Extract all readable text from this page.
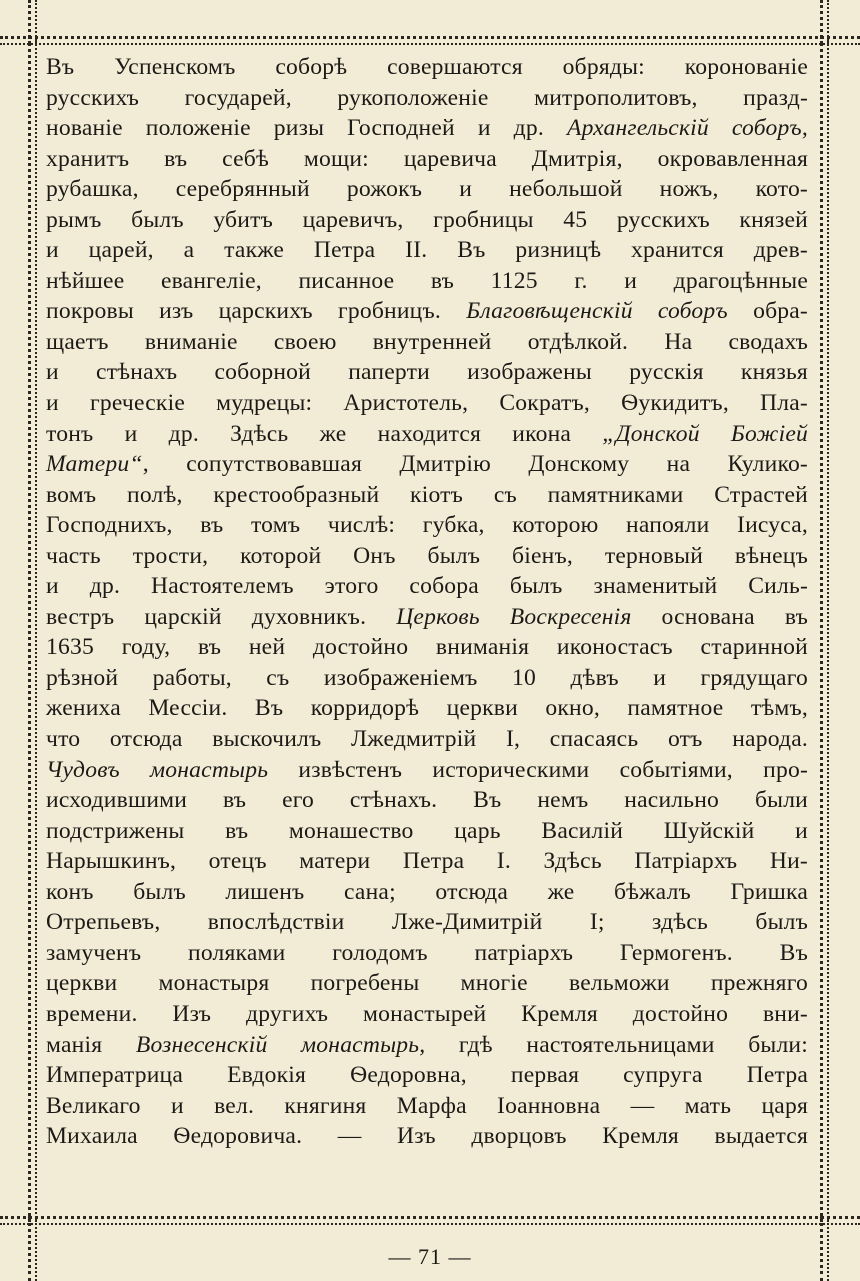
Въ Успенскомъ соборѣ совершаются обряды: коронованіе
русскихъ государей, рукоположеніе митрополитовъ, празд-
нованіе положеніе ризы Господней и др. Архангельскій соборъ,
хранитъ въ себѣ мощи: царевича Дмитрія, окровавленная
рубашка, серебрянный рожокъ и небольшой ножъ, кото-
рымъ былъ убитъ царевичъ, гробницы 45 русскихъ князей
и царей, а также Петра II. Въ ризницѣ хранится древ-
нѣйшее евангеліе, писанное въ 1125 г. и драгоцѣнные
покровы изъ царскихъ гробницъ. Благовѣщенскій соборъ обра-
щаетъ вниманіе своею внутренней отдѣлкой. На сводахъ
и стѣнахъ соборной паперти изображены русскія князья
и греческіе мудрецы: Аристотель, Сократъ, Ѳукидитъ, Пла-
тонъ и др. Здѣсь же находится икона „Донской Божіей
Матери“, сопутствовавшая Дмитрію Донскому на Кулико-
вомъ полѣ, крестообразный кіотъ съ памятниками Страстей
Господнихъ, въ томъ числѣ: губка, которою напояли Іисуса,
часть трости, которой Онъ былъ біенъ, терновый вѣнецъ
и др. Настоятелемъ этого собора былъ знаменитый Силь-
вестръ царскій духовникъ. Церковь Воскресенія основана въ
1635 году, въ ней достойно вниманія иконостасъ старинной
рѣзной работы, съ изображеніемъ 10 дѣвъ и грядущаго
жениха Мессіи. Въ корридорѣ церкви окно, памятное тѣмъ,
что отсюда выскочилъ Лжедмитрій I, спасаясь отъ народа.
Чудовъ монастырь извѣстенъ историческими событіями, про-
исходившими въ его стѣнахъ. Въ немъ насильно были
подстрижены въ монашество царь Василій Шуйскій и
Нарышкинъ, отецъ матери Петра I. Здѣсь Патріархъ Ни-
конъ былъ лишенъ сана; отсюда же бѣжалъ Гришка
Отрепьевъ, впослѣдствіи Лже-Димитрій I; здѣсь былъ
замученъ поляками голодомъ патріархъ Гермогенъ. Въ
церкви монастыря погребены многіе вельможи прежняго
времени. Изъ другихъ монастырей Кремля достойно вни-
манія Вознесенскій монастырь, гдѣ настоятельницами были:
Императрица Евдокія Ѳедоровна, первая супруга Петра
Великаго и вел. княгиня Марфа Іоанновна — мать царя
Михаила Ѳедоровича. — Изъ дворцовъ Кремля выдается
— 71 —
